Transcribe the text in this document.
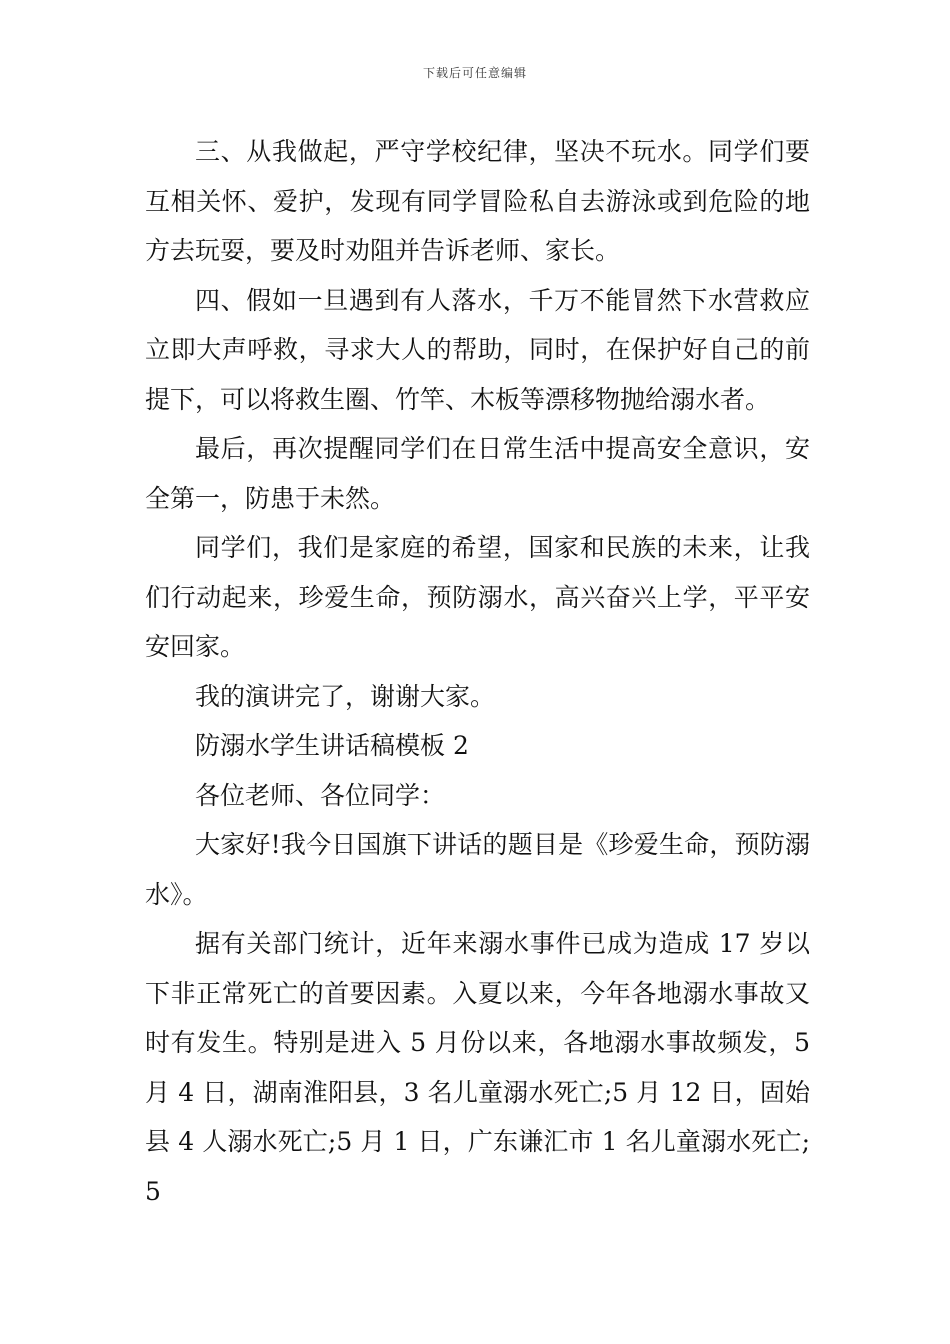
下载后可任意编辑

三、从我做起，严守学校纪律，坚决不玩水。同学们要互相关怀、爱护，发现有同学冒险私自去游泳或到危险的地方去玩耍，要及时劝阻并告诉老师、家长。

四、假如一旦遇到有人落水，千万不能冒然下水营救应立即大声呼救，寻求大人的帮助，同时，在保护好自己的前提下，可以将救生圈、竹竿、木板等漂移物抛给溺水者。

最后，再次提醒同学们在日常生活中提高安全意识，安全第一，防患于未然。

同学们，我们是家庭的希望，国家和民族的未来，让我们行动起来，珍爱生命，预防溺水，高兴奋兴上学，平平安安回家。

我的演讲完了，谢谢大家。

防溺水学生讲话稿模板 2

各位老师、各位同学：

大家好!我今日国旗下讲话的题目是《珍爱生命，预防溺水》。

据有关部门统计，近年来溺水事件已成为造成 17 岁以下非正常死亡的首要因素。入夏以来，今年各地溺水事故又时有发生。特别是进入 5 月份以来，各地溺水事故频发，5 月 4 日，湖南淮阳县，3 名儿童溺水死亡;5 月 12 日，固始县 4 人溺水死亡;5 月 1 日，广东谦汇市 1 名儿童溺水死亡;5
